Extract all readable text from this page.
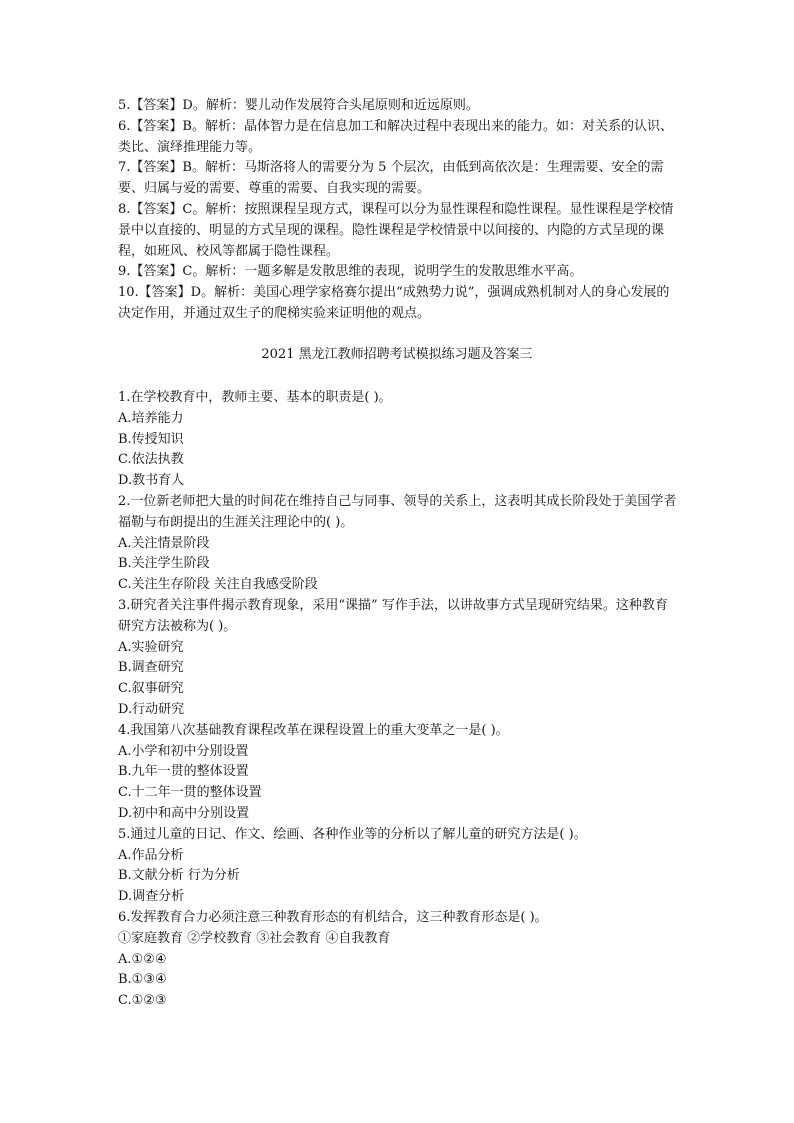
5.【答案】D。解析：婴儿动作发展符合头尾原则和近远原则。

6.【答案】B。解析：晶体智力是在信息加工和解决过程中表现出来的能力。如：对关系的认识、类比、演绎推理能力等。

7.【答案】B。解析：马斯洛将人的需要分为 5 个层次，由低到高依次是：生理需要、安全的需要、归属与爱的需要、尊重的需要、自我实现的需要。

8.【答案】C。解析：按照课程呈现方式，课程可以分为显性课程和隐性课程。显性课程是学校情景中以直接的、明显的方式呈现的课程。隐性课程是学校情景中以间接的、内隐的方式呈现的课程，如班风、校风等都属于隐性课程。

9.【答案】C。解析：一题多解是发散思维的表现，说明学生的发散思维水平高。

10.【答案】D。解析：美国心理学家格赛尔提出“成熟势力说”，强调成熟机制对人的身心发展的决定作用，并通过双生子的爬梯实验来证明他的观点。

2021 黑龙江教师招聘考试模拟练习题及答案三

1.在学校教育中，教师主要、基本的职责是( )。

A.培养能力

B.传授知识

C.依法执教

D.教书育人

2.一位新老师把大量的时间花在维持自己与同事、领导的关系上，这表明其成长阶段处于美国学者福勒与布朗提出的生涯关注理论中的( )。

A.关注情景阶段

B.关注学生阶段

C.关注生存阶段 关注自我感受阶段

3.研究者关注事件揭示教育现象，采用“课描” 写作手法，以讲故事方式呈现研究结果。这种教育研究方法被称为( )。

A.实验研究

B.调查研究

C.叙事研究

D.行动研究

4.我国第八次基础教育课程改革在课程设置上的重大变革之一是( )。

A.小学和初中分别设置

B.九年一贯的整体设置

C.十二年一贯的整体设置

D.初中和高中分别设置

5.通过儿童的日记、作文、绘画、各种作业等的分析以了解儿童的研究方法是( )。

A.作品分析

B.文献分析 行为分析

D.调查分析

6.发挥教育合力必须注意三种教育形态的有机结合，这三种教育形态是( )。

①家庭教育 ②学校教育 ③社会教育 ④自我教育

A.①②④

B.①③④

C.①②③
